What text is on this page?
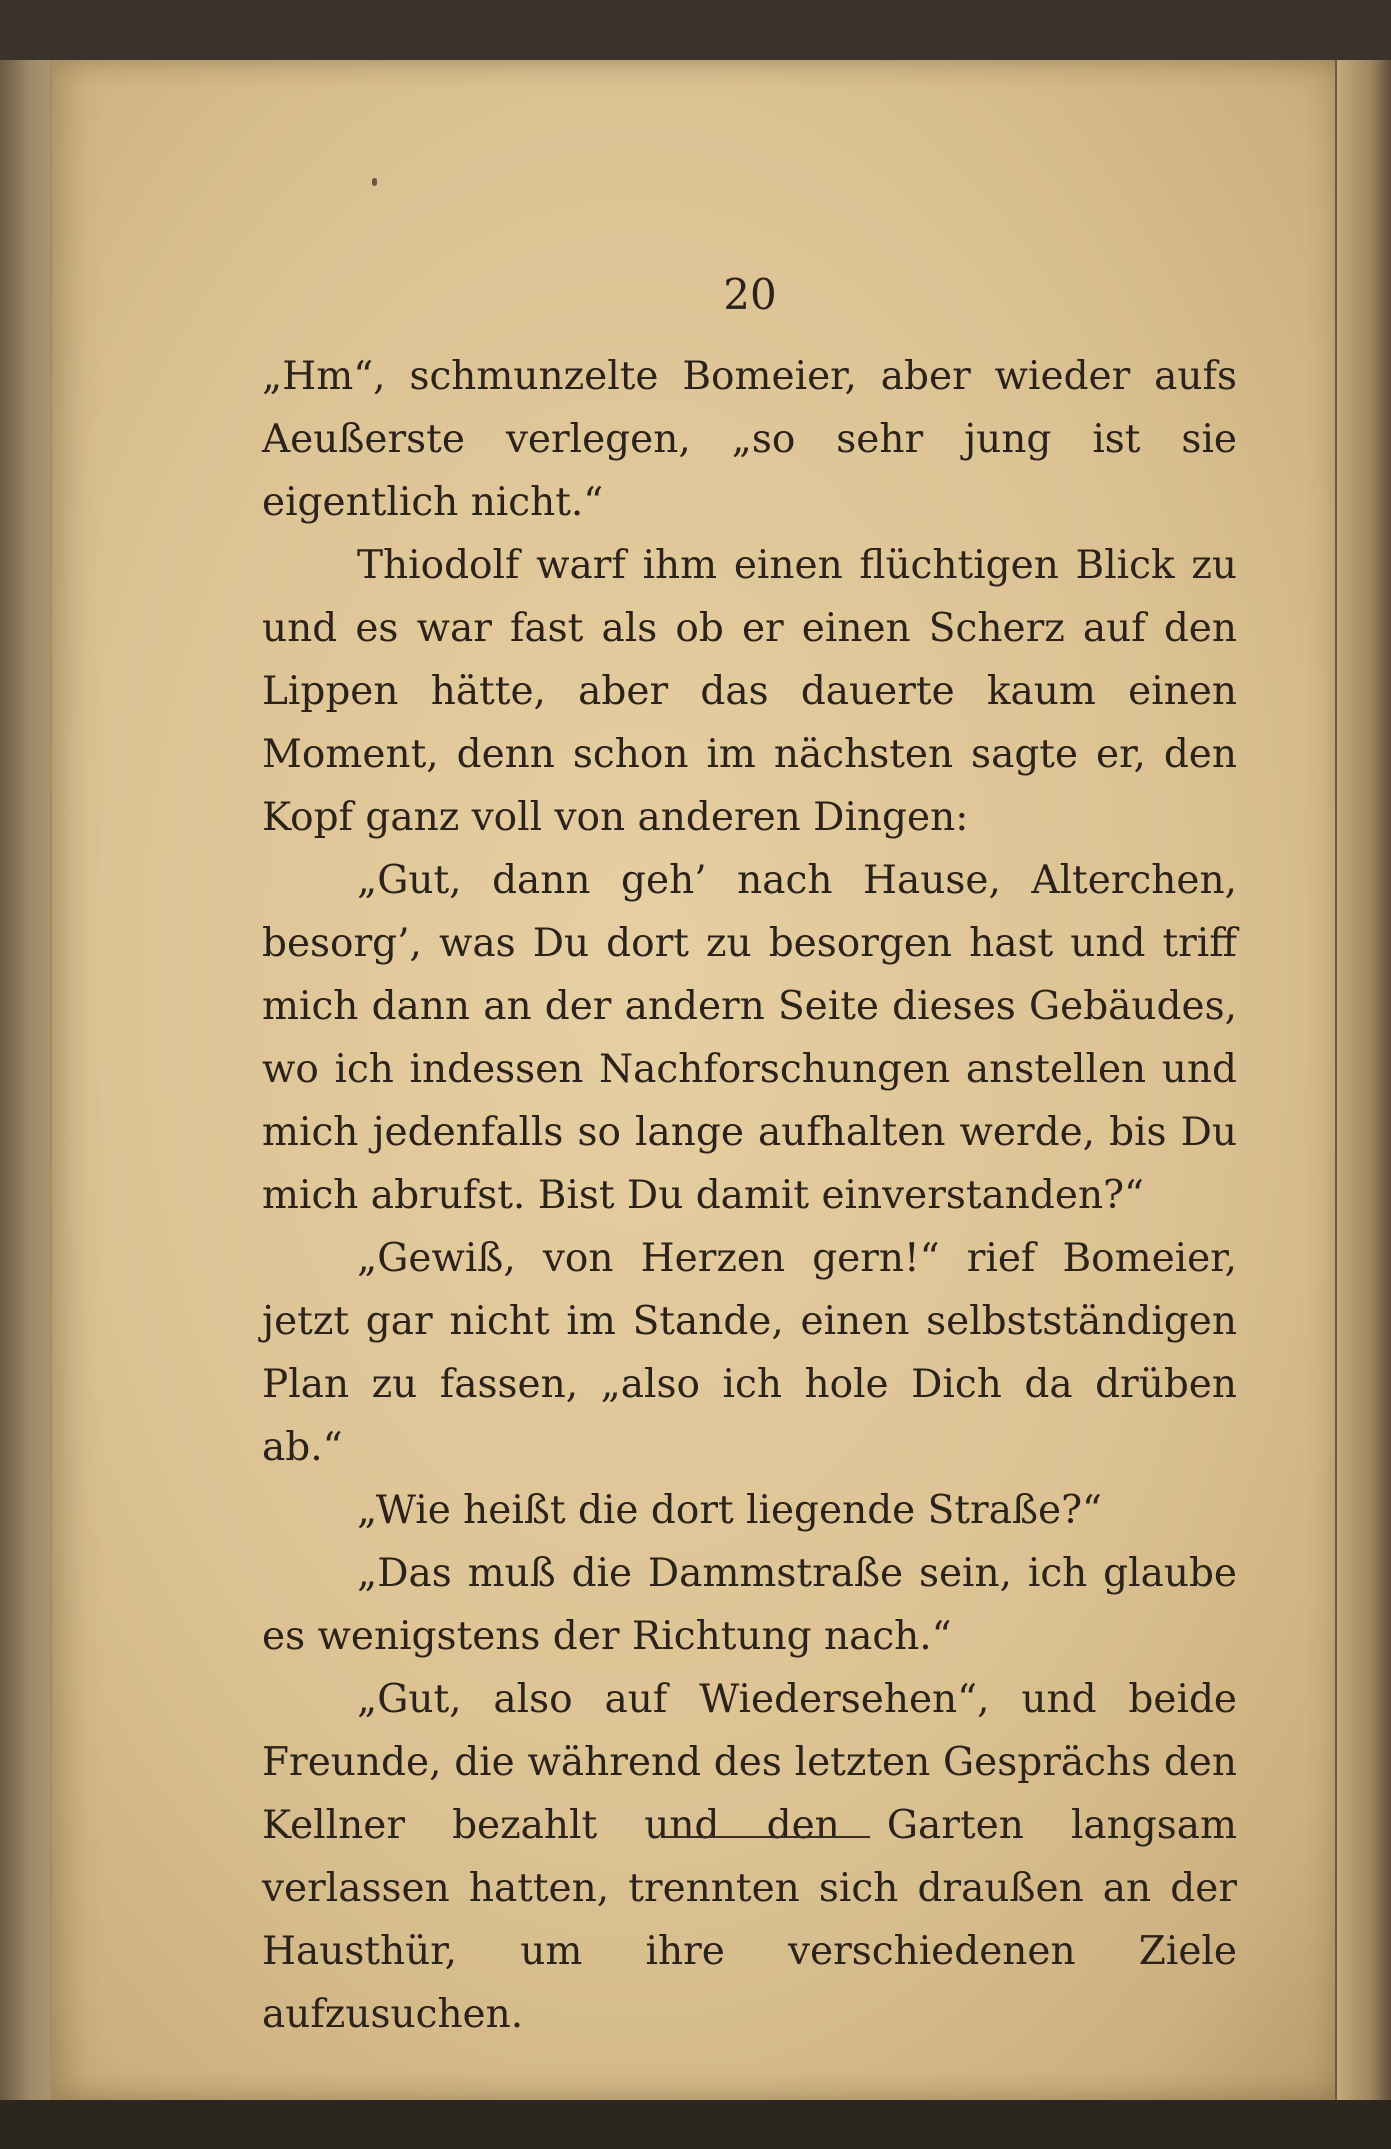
20

„Hm“, schmunzelte Bomeier, aber wieder aufs Aeußerste verlegen, „so sehr jung ist sie eigentlich nicht.“

Thiodolf warf ihm einen flüchtigen Blick zu und es war fast als ob er einen Scherz auf den Lippen hätte, aber das dauerte kaum einen Moment, denn schon im nächsten sagte er, den Kopf ganz voll von anderen Dingen:

„Gut, dann geh’ nach Hause, Alterchen, besorg’, was Du dort zu besorgen hast und triff mich dann an der andern Seite dieses Gebäudes, wo ich indessen Nachforschungen anstellen und mich jedenfalls so lange aufhalten werde, bis Du mich abrufst. Bist Du damit einverstanden?“

„Gewiß, von Herzen gern!“ rief Bomeier, jetzt gar nicht im Stande, einen selbstständigen Plan zu fassen, „also ich hole Dich da drüben ab.“

„Wie heißt die dort liegende Straße?“

„Das muß die Dammstraße sein, ich glaube es wenigstens der Richtung nach.“

„Gut, also auf Wiedersehen“, und beide Freunde, die während des letzten Gesprächs den Kellner bezahlt und den Garten langsam verlassen hatten, trennten sich draußen an der Hausthür, um ihre verschiedenen Ziele aufzusuchen.
